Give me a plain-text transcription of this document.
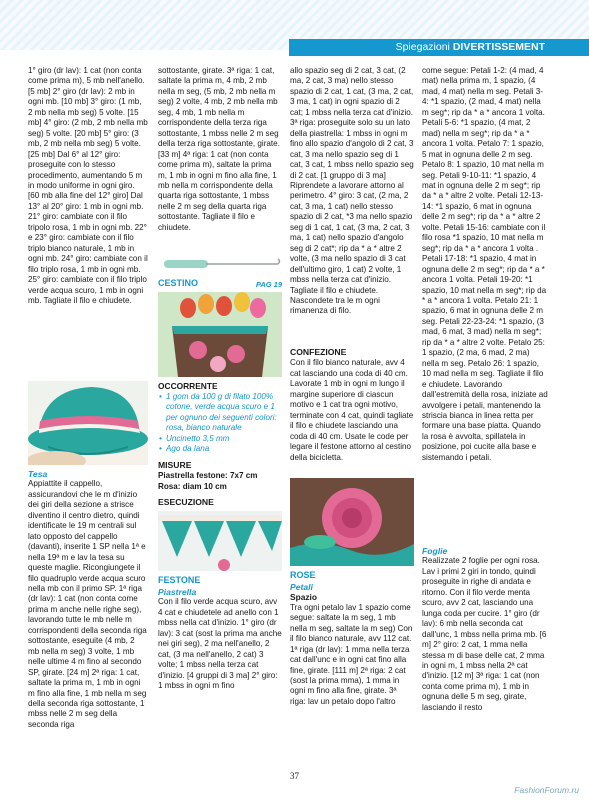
Spiegazioni DIVERTISSEMENT

1° giro (dr lav): 1 cat (non conta come prima m), 5 mb nell'anello. [5 mb] 2° giro (dr lav): 2 mb in ogni mb. [10 mb] 3° giro: (1 mb, 2 mb nella mb seg) 5 volte. [15 mb] 4° giro: (2 mb, 2 mb nella mb seg) 5 volte. [20 mb] 5° giro: (3 mb, 2 mb nella mb seg) 5 volte. [25 mb] Dal 6° al 12° giro: proseguite con lo stesso procedimento, aumentando 5 m in modo uniforme in ogni giro. [60 mb alla fine del 12° giro] Dal 13° al 20° giro: 1 mb in ogni mb. 21° giro: cambiate con il filo tripolo rosa, 1 mb in ogni mb. 22° e 23° giro: cambiate con il filo triplo bianco naturale, 1 mb in ogni mb. 24° giro: cambiate con il filo triplo rosa, 1 mb in ogni mb. 25° giro: cambiate con il filo triplo verde acqua scuro, 1 mb in ogni mb. Tagliate il filo e chiudete.

Tesa

Appiattite il cappello, assicurandovi che le m d'inizio dei giri della sezione a strisce diventino il centro dietro, quindi identificate le 19 m centrali sul lato opposto del cappello (davanti), inserite 1 SP nella 1ª e nella 19ª m e lav la tesa su queste maglie. Ricongiungete il filo quadruplo verde acqua scuro nella mb con il primo SP. 1ª riga (dr lav): 1 cat (non conta come prima m anche nelle righe seg), lavorando tutte le mb nelle m corrispondenti della seconda riga sottostante, eseguite (4 mb, 2 mb nella m seg) 3 volte, 1 mb nelle ultime 4 m fino al secondo SP, girate. [24 m] 2ª riga: 1 cat, saltate la prima m, 1 mb in ogni m fino alla fine, 1 mb nella m seg della seconda riga sottostante, 1 mbss nelle 2 m seg della seconda riga

sottostante, girate. 3ª riga: 1 cat, saltate la prima m, 4 mb, 2 mb nella m seg, (5 mb, 2 mb nella m seg) 2 volte, 4 mb, 2 mb nella mb seg, 4 mb, 1 mb nella m corrispondente della terza riga sottostante, 1 mbss nelle 2 m seg della terza riga sottostante, girate. [33 m] 4ª riga: 1 cat (non conta come prima m), saltate la prima m, 1 mb in ogni m fino alla fine, 1 mb nella m corrispondente della quarta riga sottostante, 1 mbss nelle 2 m seg della quarta riga sottostante. Tagliate il filo e chiudete.

CESTINO	PAG 19
OCCORRENTE
• 1 gom da 100 g di filato 100% cotone, verde acqua scuro e 1 per ognuno dei seguenti colori: rosa, bianco naturale
• Uncinetto 3,5 mm
• Ago da lana
MISURE

Piastrella festone: 7x7 cm

Rosa: diam 10 cm

ESECUZIONE
FESTONE
Piastrella

Con il filo verde acqua scuro, avv 4 cat e chiudetele ad anello con 1 mbss nella cat d'inizio. 1° giro (dr lav): 3 cat (sost la prima ma anche nei giri seg), 2 ma nell'anello, 2 cat, (3 ma nell'anello, 2 cat) 3 volte; 1 mbss nella terza cat d'inizio. [4 gruppi di 3 ma] 2° giro: 1 mbss in ogni m fino

allo spazio seg di 2 cat, 3 cat, (2 ma, 2 cat, 3 ma) nello stesso spazio di 2 cat, 1 cat, (3 ma, 2 cat, 3 ma, 1 cat) in ogni spazio di 2 cat; 1 mbss nella terza cat d'inizio. 3ª riga: proseguite solo su un lato della piastrella: 1 mbss in ogni m fino allo spazio d'angolo di 2 cat, 3 cat, 3 ma nello spazio seg di 1 cat, 3 cat, 1 mbss nello spazio seg di 2 cat. [1 gruppo di 3 ma] Riprendete a lavorare attorno al perimetro. 4° giro: 3 cat, (2 ma, 2 cat, 3 ma, 1 cat) nello stesso spazio di 2 cat, *3 ma nello spazio seg di 1 cat, 1 cat, (3 ma, 2 cat, 3 ma, 1 cat) nello spazio d'angolo seg di 2 cat*; rip da * a * altre 2 volte, (3 ma nello spazio di 3 cat dell'ultimo giro, 1 cat) 2 volte, 1 mbss nella terza cat d'inizio. Tagliate il filo e chiudete. Nascondete tra le m ogni rimanenza di filo.

CONFEZIONE

Con il filo bianco naturale, avv 4 cat lasciando una coda di 40 cm. Lavorate 1 mb in ogni m lungo il margine superiore di ciascun motivo e 1 cat tra ogni motivo, terminate con 4 cat, quindi tagliate il filo e chiudete lasciando una coda di 40 cm. Usate le code per legare il festone attorno al cestino della bicicletta.

ROSE
Petali
Spazio

Tra ogni petalo lav 1 spazio come segue: saltate la m seg, 1 mb nella m seg, saltate la m seg) Con il filo bianco naturale, avv 112 cat. 1ª riga (dr lav): 1 mma nella terza cat dall'unc e in ogni cat fino alla fine, girate. [111 m] 2ª riga: 2 cat (sost la prima mma), 1 mma in ogni m fino alla fine, girate. 3ª riga: lav un petalo dopo l'altro

come segue: Petali 1-2: (4 mad, 4 mat) nella prima m, 1 spazio, (4 mad, 4 mat) nella m seg. Petali 3-4: *1 spazio, (2 mad, 4 mat) nella m seg*; rip da * a * ancora 1 volta. Petali 5-6: *1 spazio, (4 mat, 2 mad) nella m seg*; rip da * a * ancora 1 volta. Petalo 7: 1 spazio, 5 mat in ognuna delle 2 m seg. Petalo 8: 1 spazio, 10 mat nella m seg. Petali 9-10-11: *1 spazio, 4 mat in ognuna delle 2 m seg*; rip da * a * altre 2 volte. Petali 12-13-14: *1 spazio, 6 mat in ognuna delle 2 m seg*; rip da * a * altre 2 volte. Petali 15-16: cambiate con il filo rosa *1 spazio, 10 mat nella m seg*; rip da * a * ancora 1 volta . Petali 17-18: *1 spazio, 4 mat in ognuna delle 2 m seg*; rip da * a * ancora 1 volta. Petali 19-20: *1 spazio, 10 mat nella m seg*; rip da * a * ancora 1 volta. Petalo 21: 1 spazio, 6 mat in ognuna delle 2 m seg. Petali 22-23-24: *1 spazio, (3 mad, 6 mat, 3 mad) nella m seg*; rip da * a * altre 2 volte. Petalo 25: 1 spazio, (2 ma, 6 mad, 2 ma) nella m seg. Petalo 26: 1 spazio, 10 mad nella m seg. Tagliate il filo e chiudete. Lavorando dall'estremità della rosa, iniziate ad avvolgere i petali, mantenendo la striscia bianca in linea retta per formare una base piatta. Quando la rosa è avvolta, spillatela in posizione, poi cucite alla base e sistemando i petali.

Foglie

Realizzate 2 foglie per ogni rosa. Lav i primi 2 giri in tondo, quindi proseguite in righe di andata e ritorno. Con il filo verde menta scuro, avv 2 cat, lasciando una lunga coda per cucire. 1° giro (dr lav): 6 mb nella seconda cat dall'unc, 1 mbss nella prima mb. [6 m] 2° giro: 2 cat, 1 mma nella stessa m di base delle cat, 2 mma in ogni m, 1 mbss nella 2ª cat d'inizio. [12 m] 3ª riga: 1 cat (non conta come prima m), 1 mb in ognuna delle 5 m seg, girate, lasciando il resto

37
FashionForum.ru
